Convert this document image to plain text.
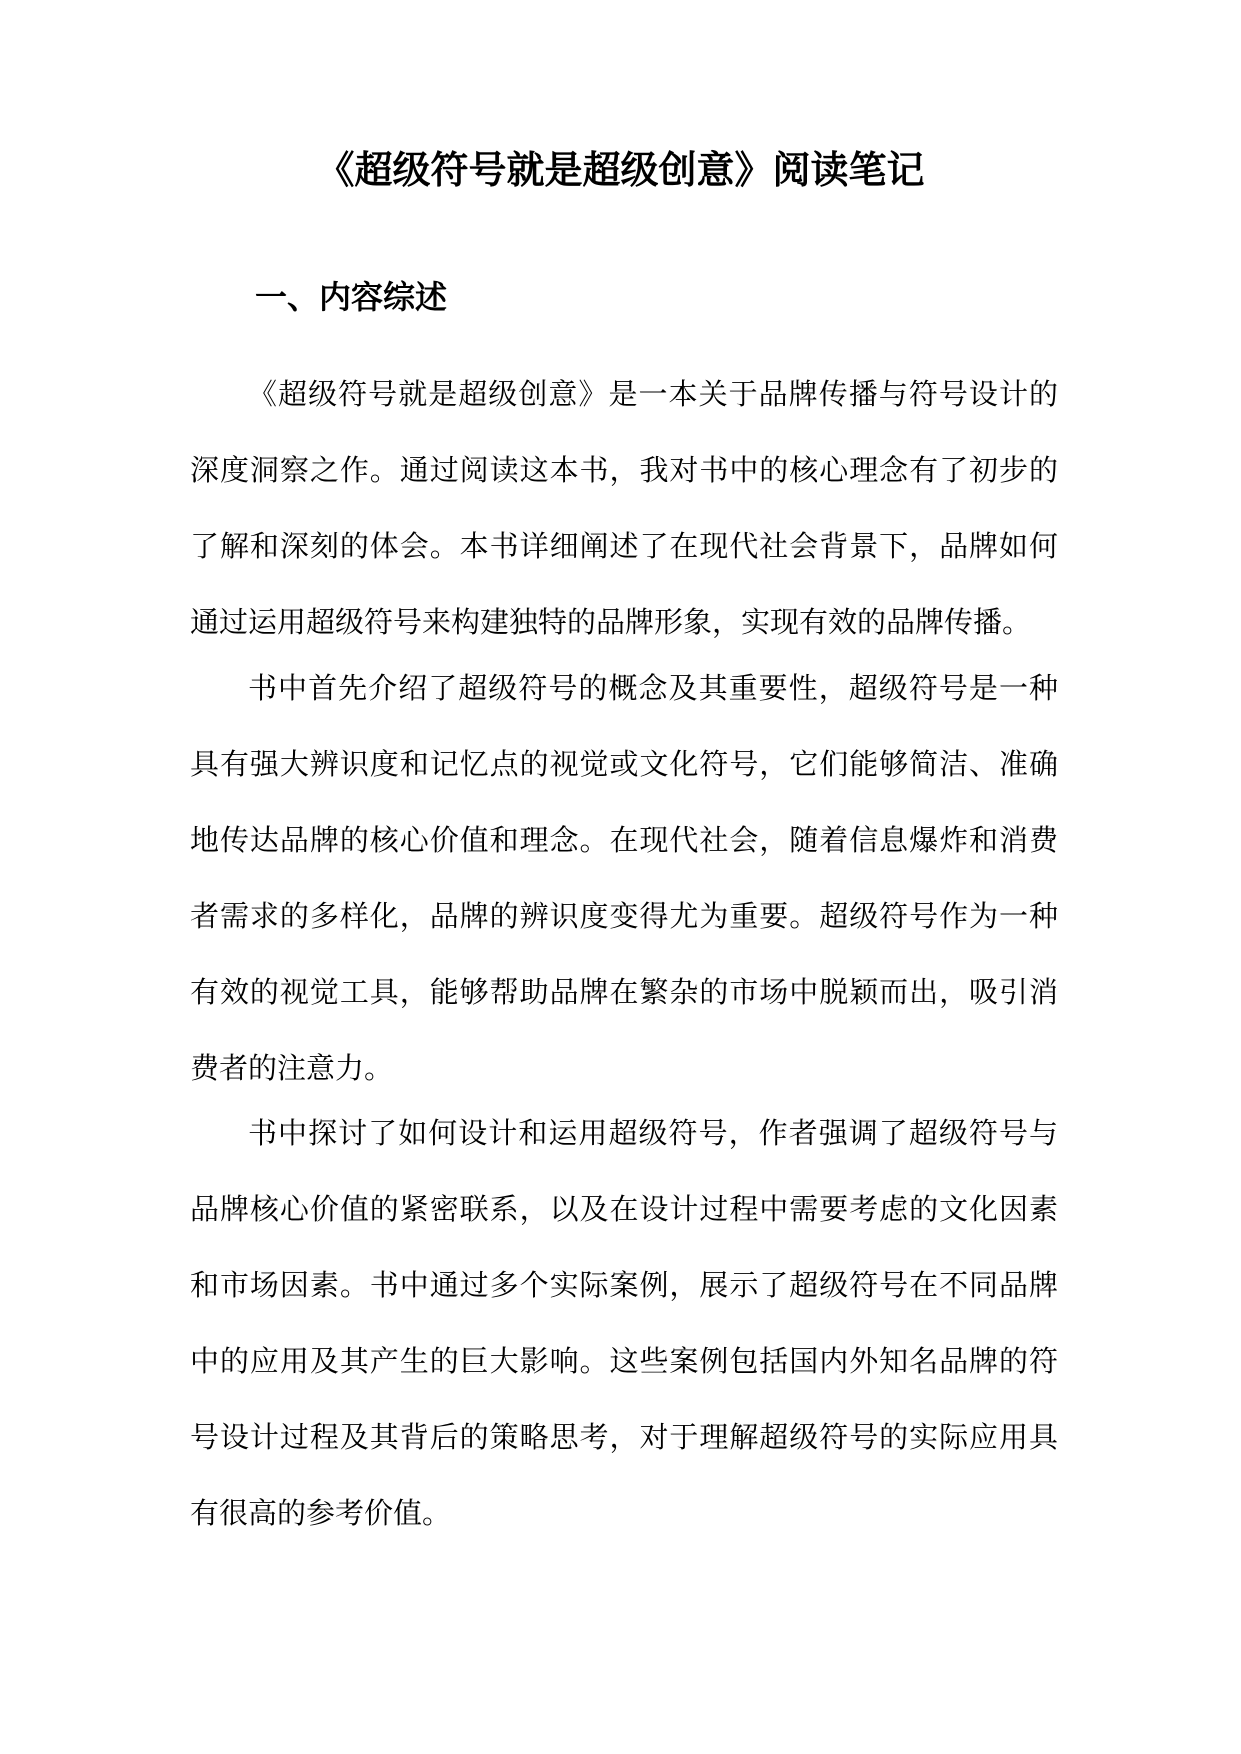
《超级符号就是超级创意》阅读笔记
一、内容综述

《超级符号就是超级创意》是一本关于品牌传播与符号设计的深度洞察之作。通过阅读这本书，我对书中的核心理念有了初步的了解和深刻的体会。本书详细阐述了在现代社会背景下，品牌如何通过运用超级符号来构建独特的品牌形象，实现有效的品牌传播。

书中首先介绍了超级符号的概念及其重要性，超级符号是一种具有强大辨识度和记忆点的视觉或文化符号，它们能够简洁、准确地传达品牌的核心价值和理念。在现代社会，随着信息爆炸和消费者需求的多样化，品牌的辨识度变得尤为重要。超级符号作为一种有效的视觉工具，能够帮助品牌在繁杂的市场中脱颖而出，吸引消费者的注意力。

书中探讨了如何设计和运用超级符号，作者强调了超级符号与品牌核心价值的紧密联系，以及在设计过程中需要考虑的文化因素和市场因素。书中通过多个实际案例，展示了超级符号在不同品牌中的应用及其产生的巨大影响。这些案例包括国内外知名品牌的符号设计过程及其背后的策略思考，对于理解超级符号的实际应用具有很高的参考价值。
